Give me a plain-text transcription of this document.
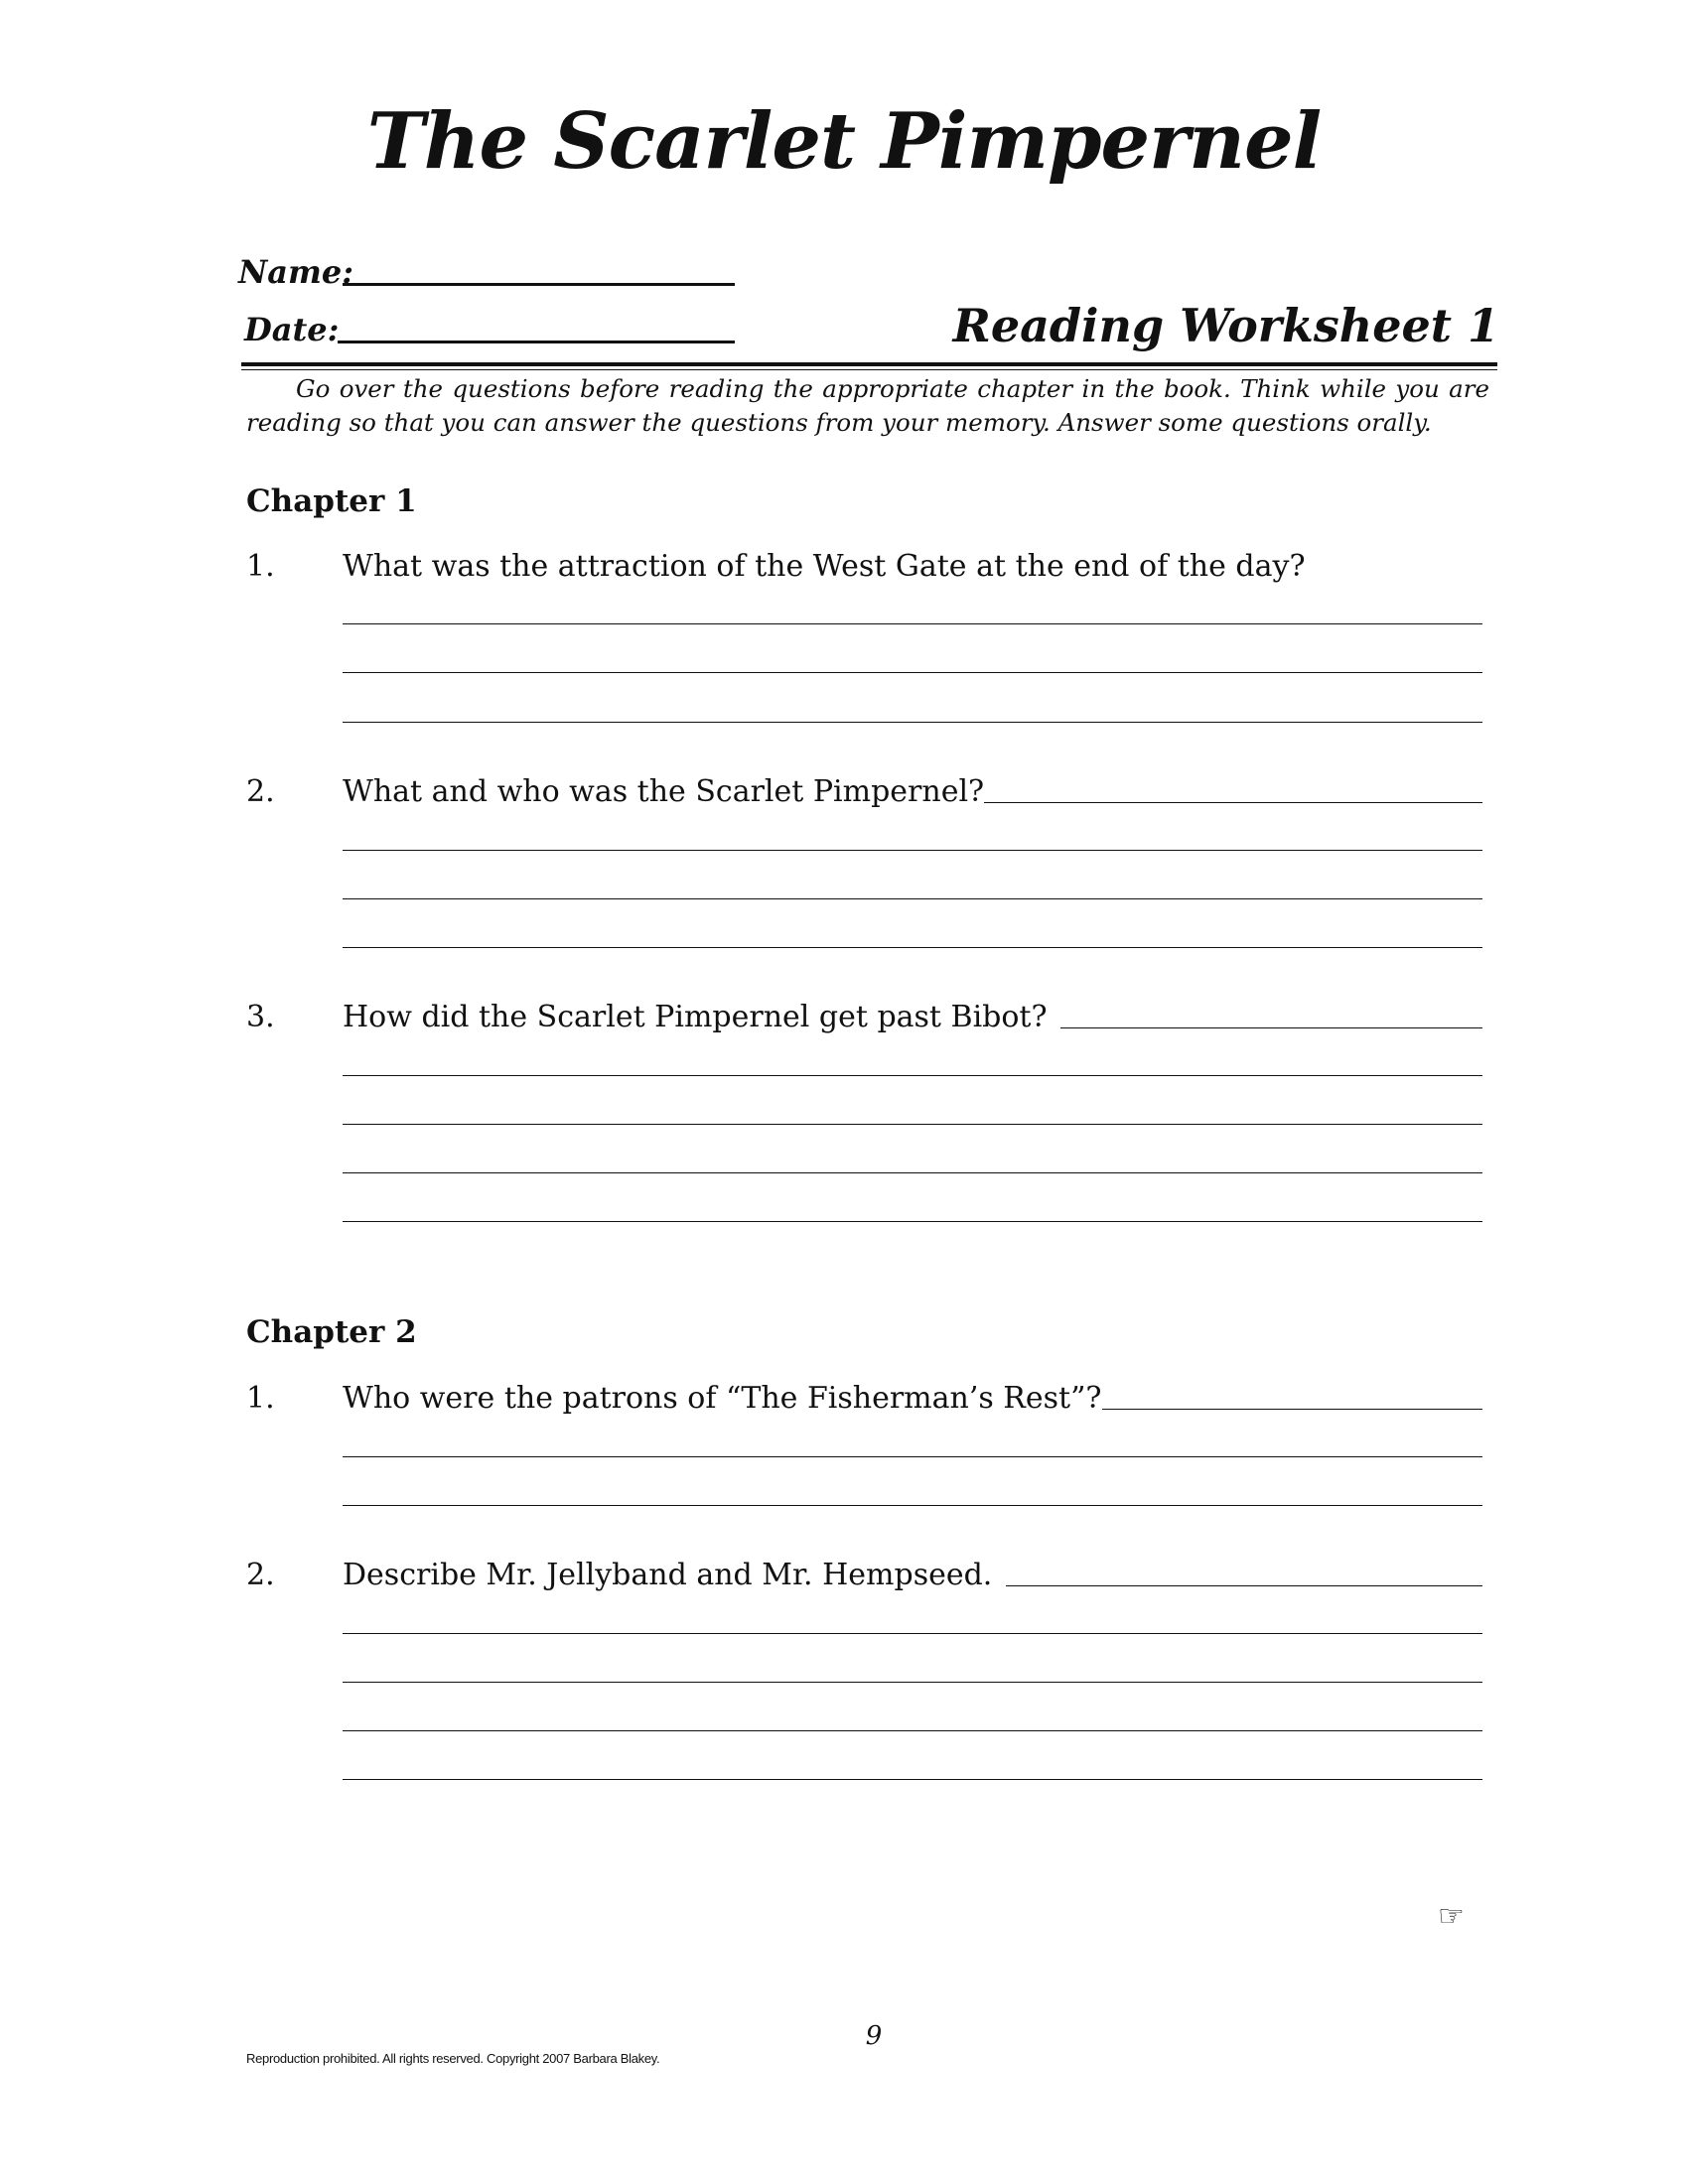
The Scarlet Pimpernel
Name:
Date:	Reading Worksheet 1
Go over the questions before reading the appropriate chapter in the book. Think while you are reading so that you can answer the questions from your memory. Answer some questions orally.
Chapter 1
1. What was the attraction of the West Gate at the end of the day?
2. What and who was the Scarlet Pimpernel?
3. How did the Scarlet Pimpernel get past Bibot?
Chapter 2
1. Who were the patrons of “The Fisherman’s Rest”?
2. Describe Mr. Jellyband and Mr. Hempseed.
☞
9
Reproduction prohibited. All rights reserved. Copyright 2007 Barbara Blakey.
